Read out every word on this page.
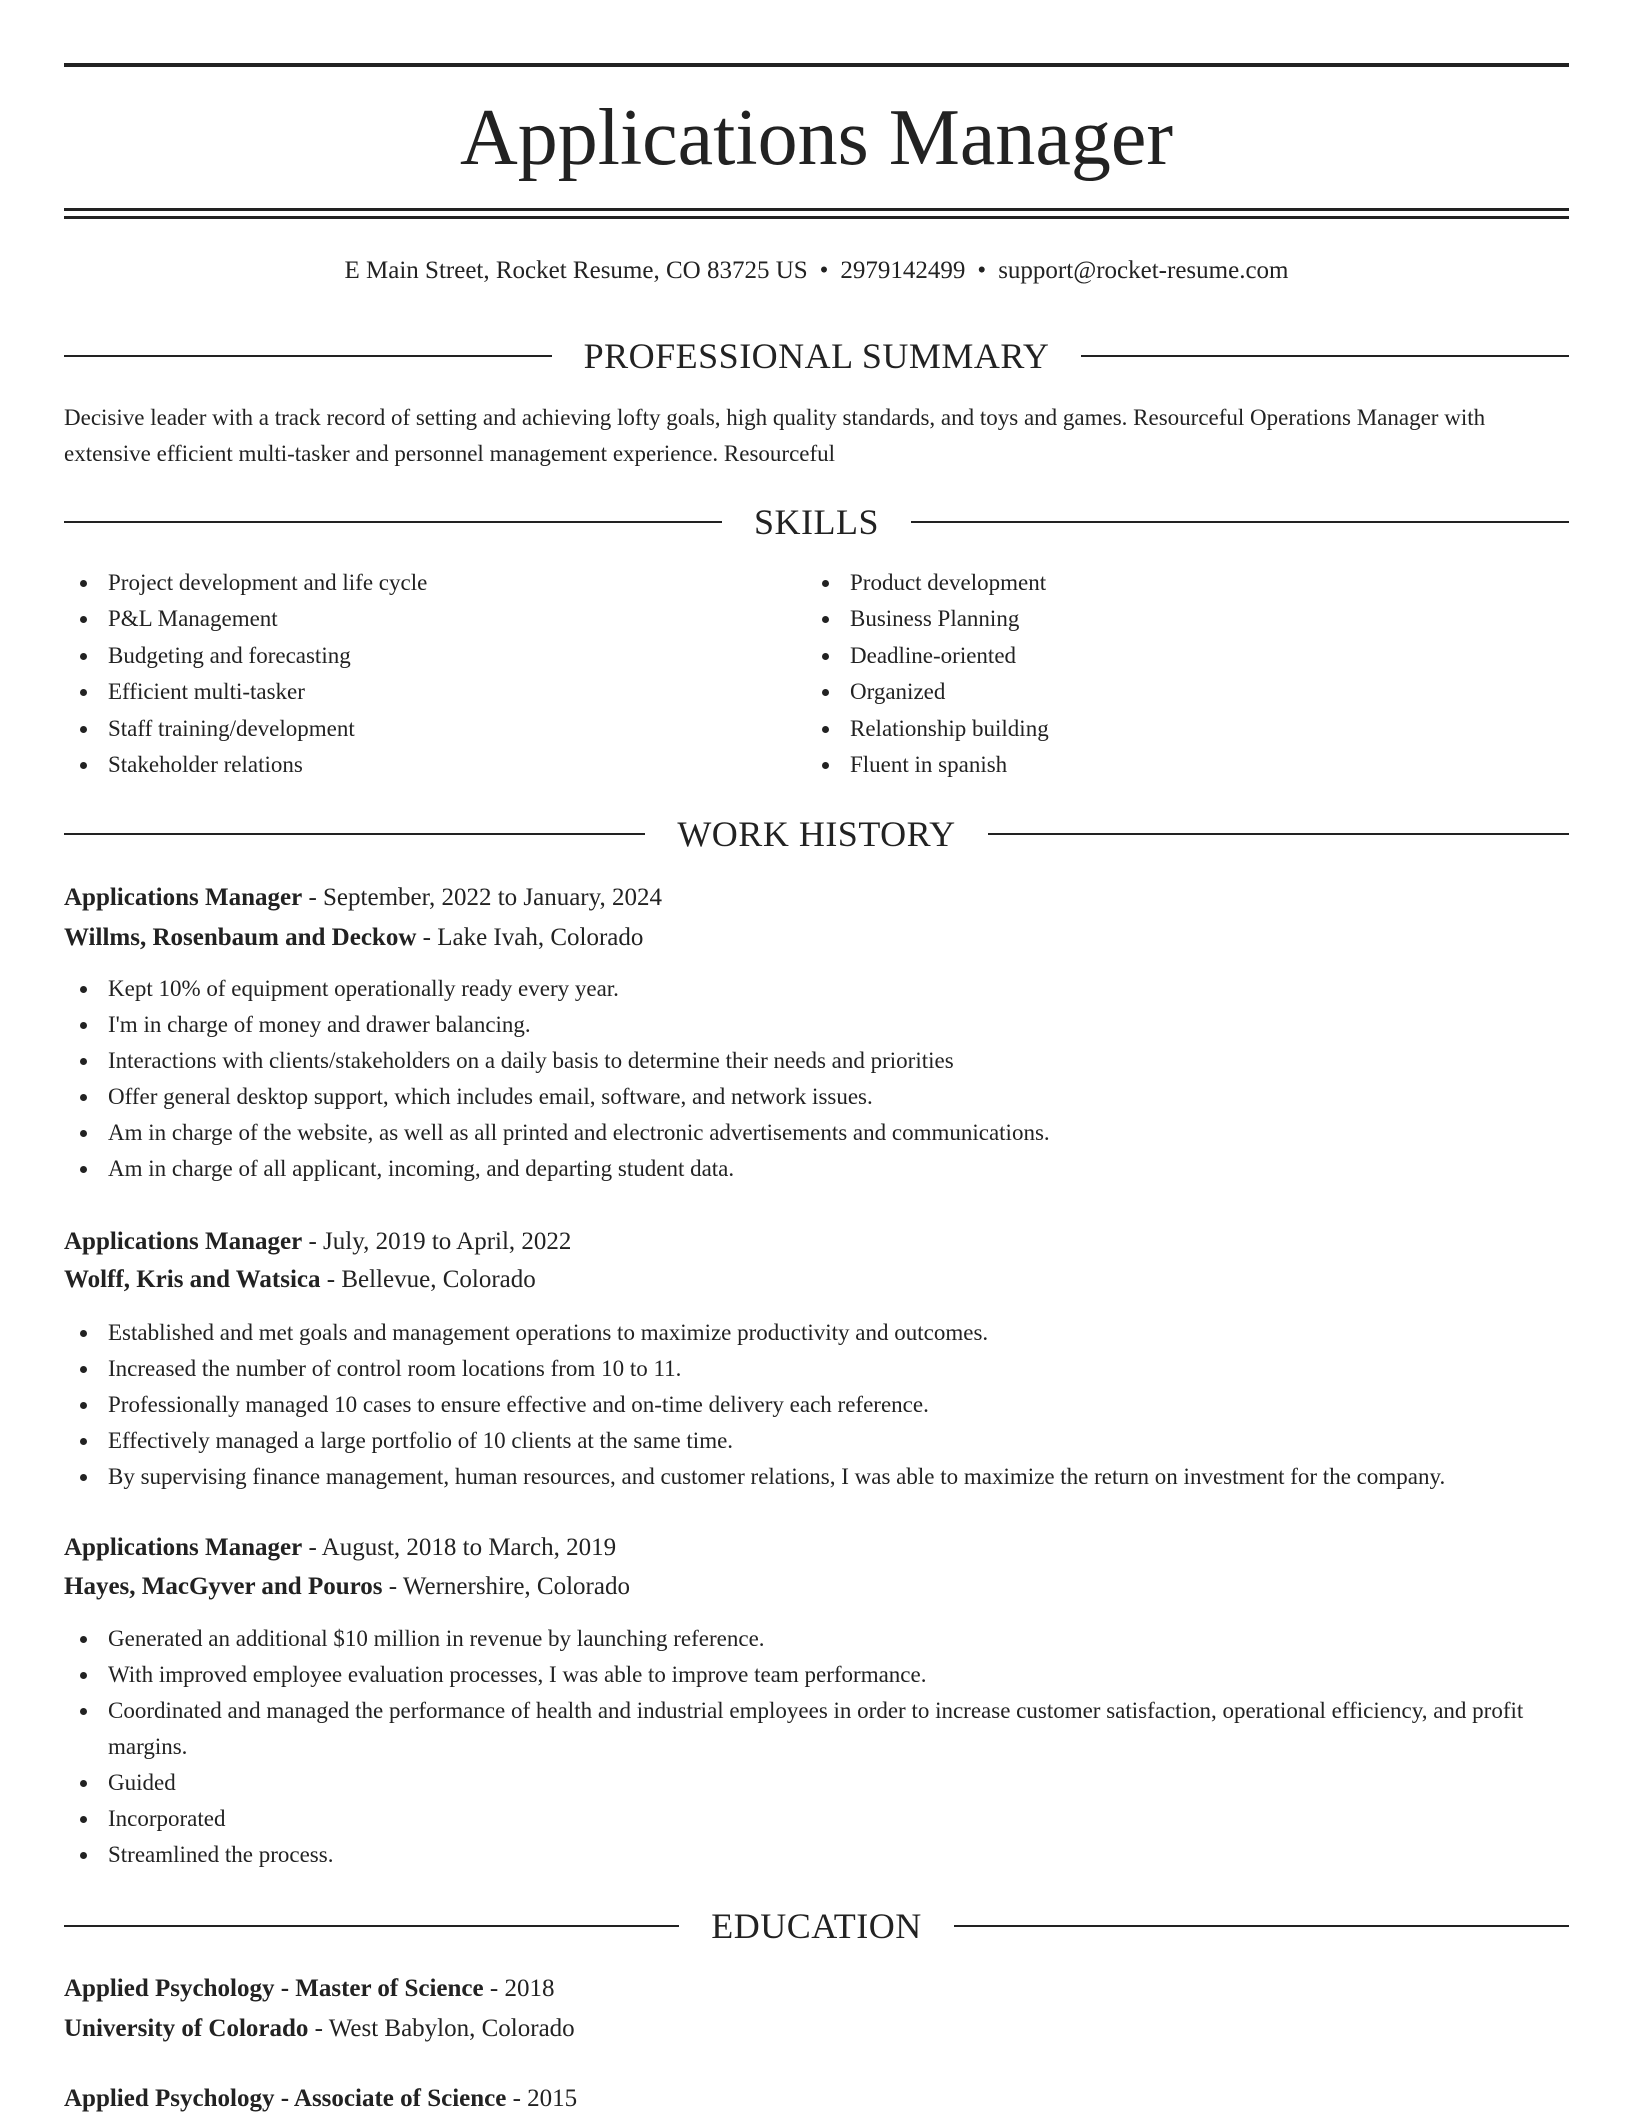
Applications Manager
E Main Street, Rocket Resume, CO 83725 US • 2979142499 • support@rocket-resume.com
PROFESSIONAL SUMMARY
Decisive leader with a track record of setting and achieving lofty goals, high quality standards, and toys and games. Resourceful Operations Manager with extensive efficient multi-tasker and personnel management experience. Resourceful
SKILLS
Project development and life cycle
P&L Management
Budgeting and forecasting
Efficient multi-tasker
Staff training/development
Stakeholder relations
Product development
Business Planning
Deadline-oriented
Organized
Relationship building
Fluent in spanish
WORK HISTORY
Applications Manager - September, 2022 to January, 2024
Willms, Rosenbaum and Deckow - Lake Ivah, Colorado
Kept 10% of equipment operationally ready every year.
I'm in charge of money and drawer balancing.
Interactions with clients/stakeholders on a daily basis to determine their needs and priorities
Offer general desktop support, which includes email, software, and network issues.
Am in charge of the website, as well as all printed and electronic advertisements and communications.
Am in charge of all applicant, incoming, and departing student data.
Applications Manager - July, 2019 to April, 2022
Wolff, Kris and Watsica - Bellevue, Colorado
Established and met goals and management operations to maximize productivity and outcomes.
Increased the number of control room locations from 10 to 11.
Professionally managed 10 cases to ensure effective and on-time delivery each reference.
Effectively managed a large portfolio of 10 clients at the same time.
By supervising finance management, human resources, and customer relations, I was able to maximize the return on investment for the company.
Applications Manager - August, 2018 to March, 2019
Hayes, MacGyver and Pouros - Wernershire, Colorado
Generated an additional $10 million in revenue by launching reference.
With improved employee evaluation processes, I was able to improve team performance.
Coordinated and managed the performance of health and industrial employees in order to increase customer satisfaction, operational efficiency, and profit margins.
Guided
Incorporated
Streamlined the process.
EDUCATION
Applied Psychology - Master of Science - 2018
University of Colorado - West Babylon, Colorado
Applied Psychology - Associate of Science - 2015
